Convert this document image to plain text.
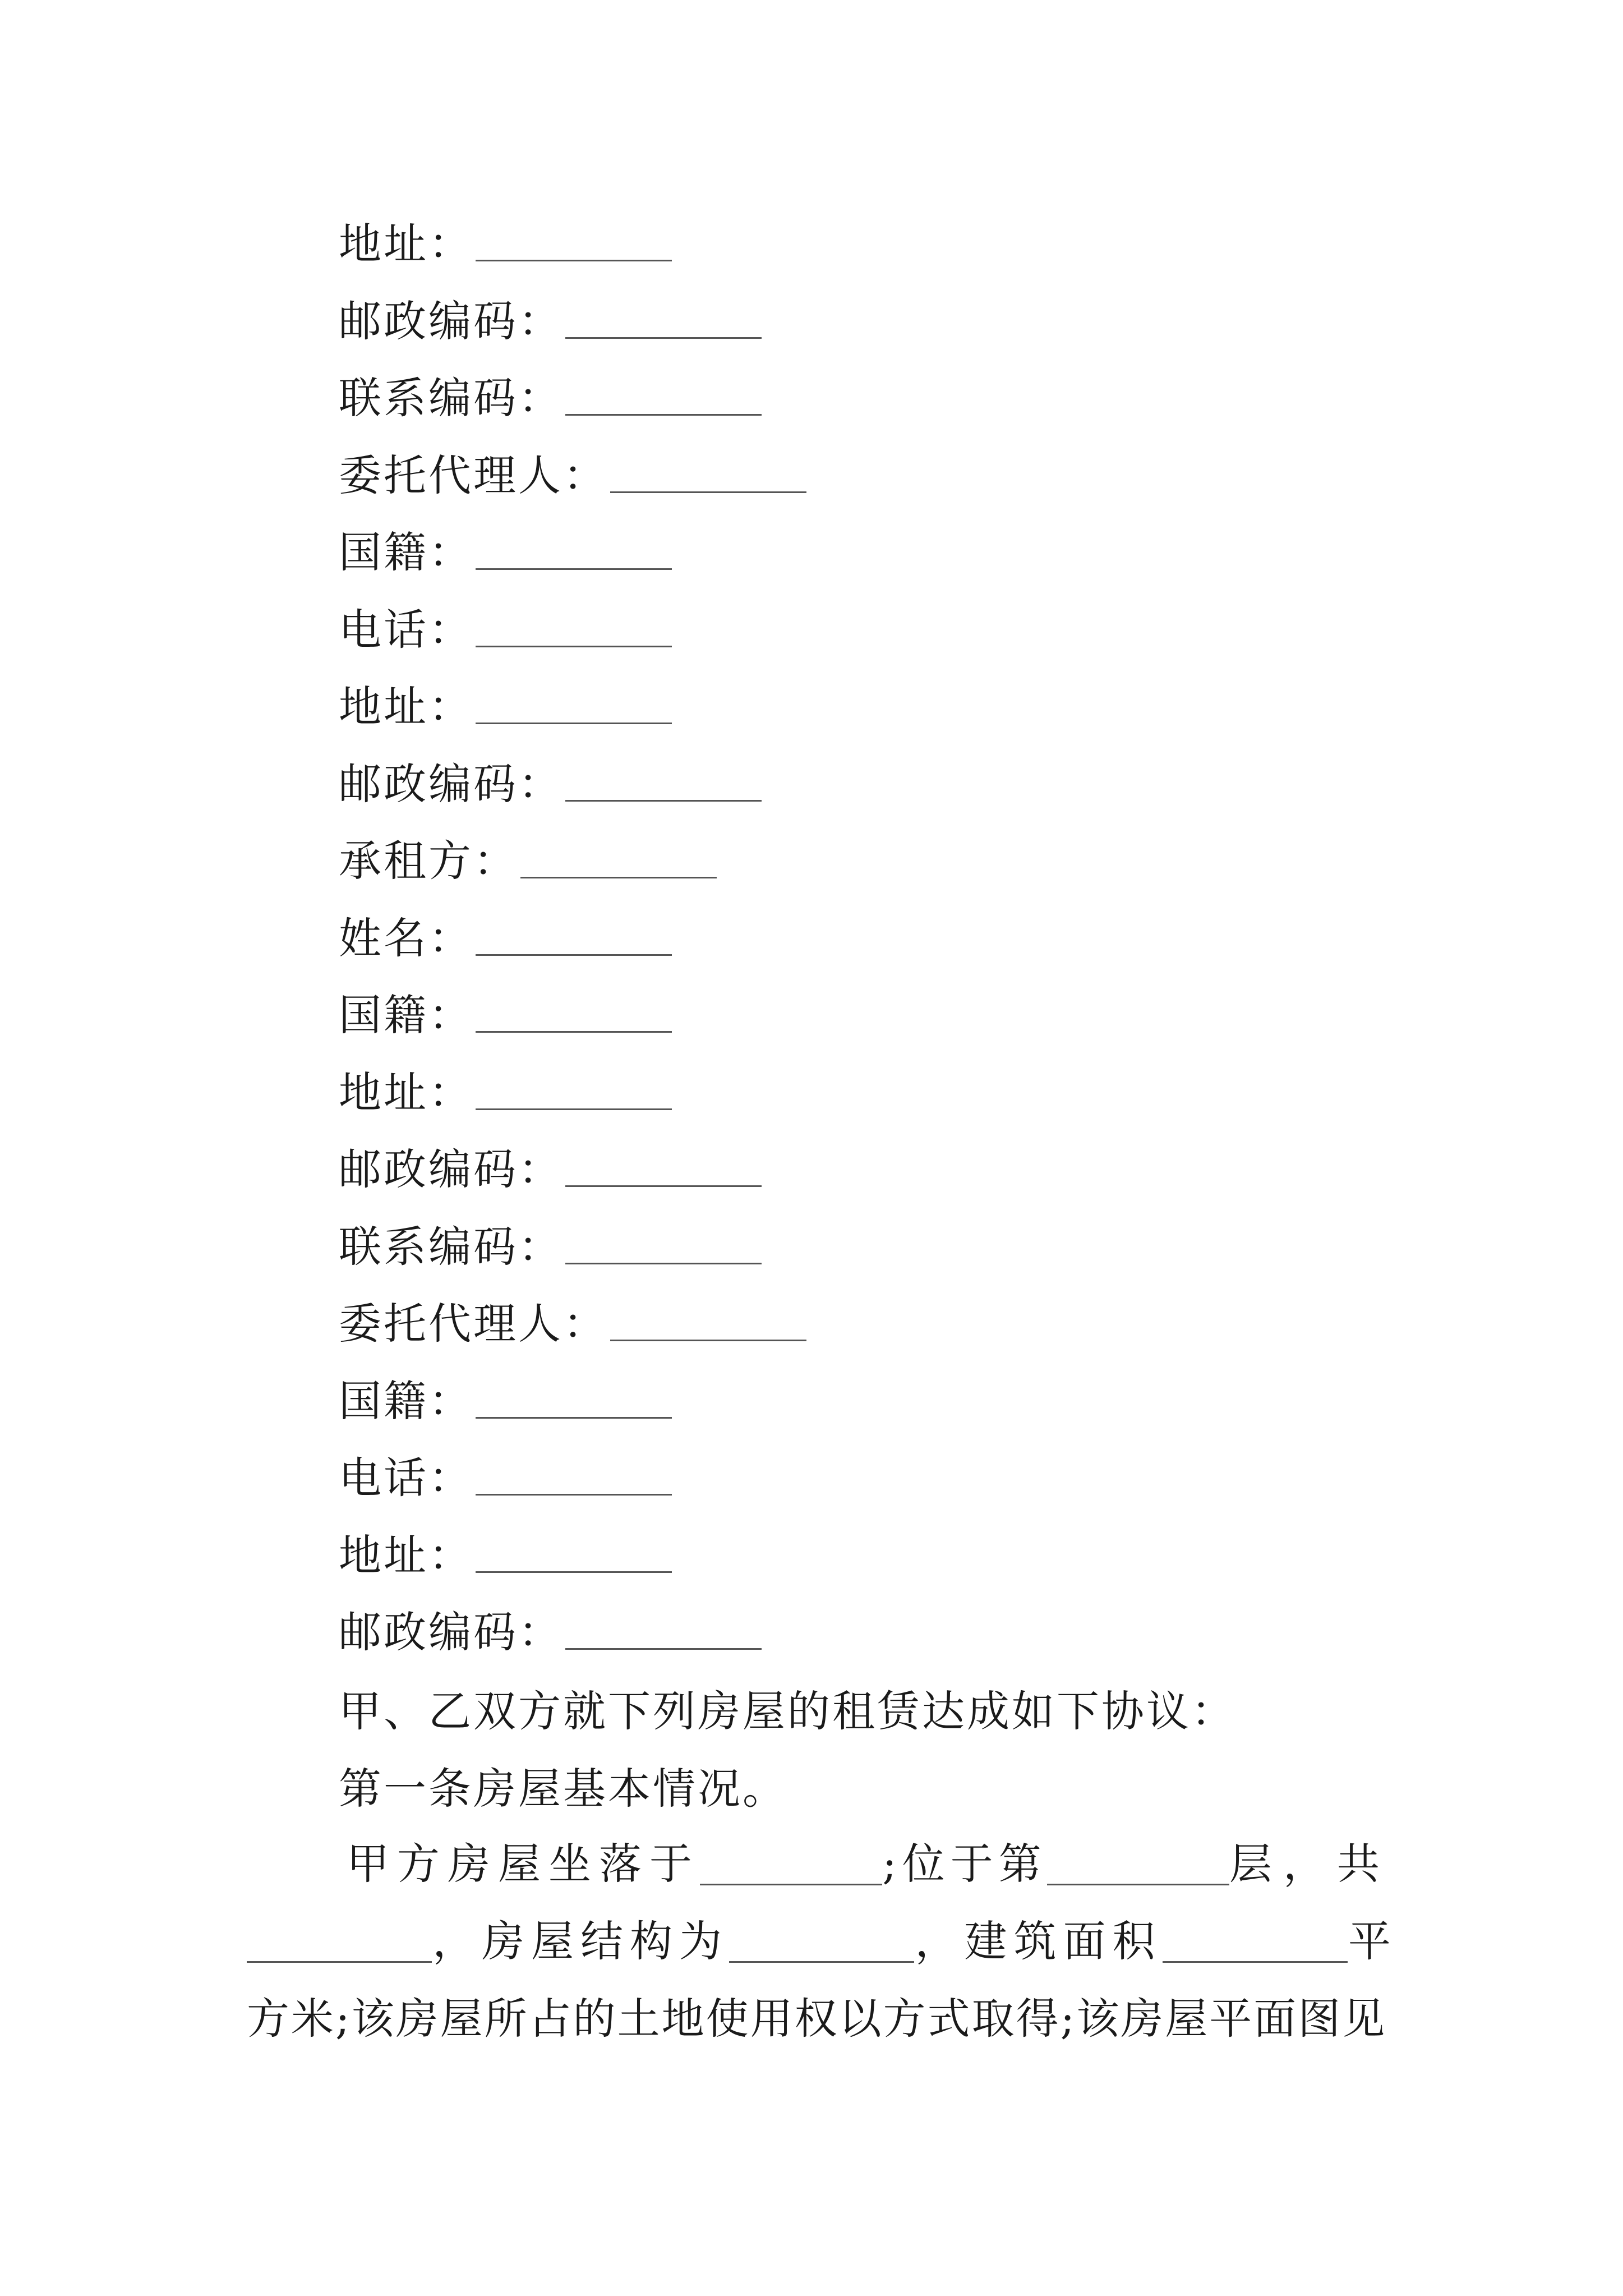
地址：
邮政编码：
联系编码：
委托代理人：
国籍：
电话：
地址：
邮政编码：
承租方：
姓名：
国籍：
地址：
邮政编码：
联系编码：
委托代理人：
国籍：
电话：
地址：
邮政编码：
甲、乙双方就下列房屋的租赁达成如下协议：
第一条房屋基本情况。
甲方房屋坐落于	;位于第	层，共
，房屋结构为	，建筑面积	平
方米;该房屋所占的土地使用权以方式取得;该房屋平面图见
